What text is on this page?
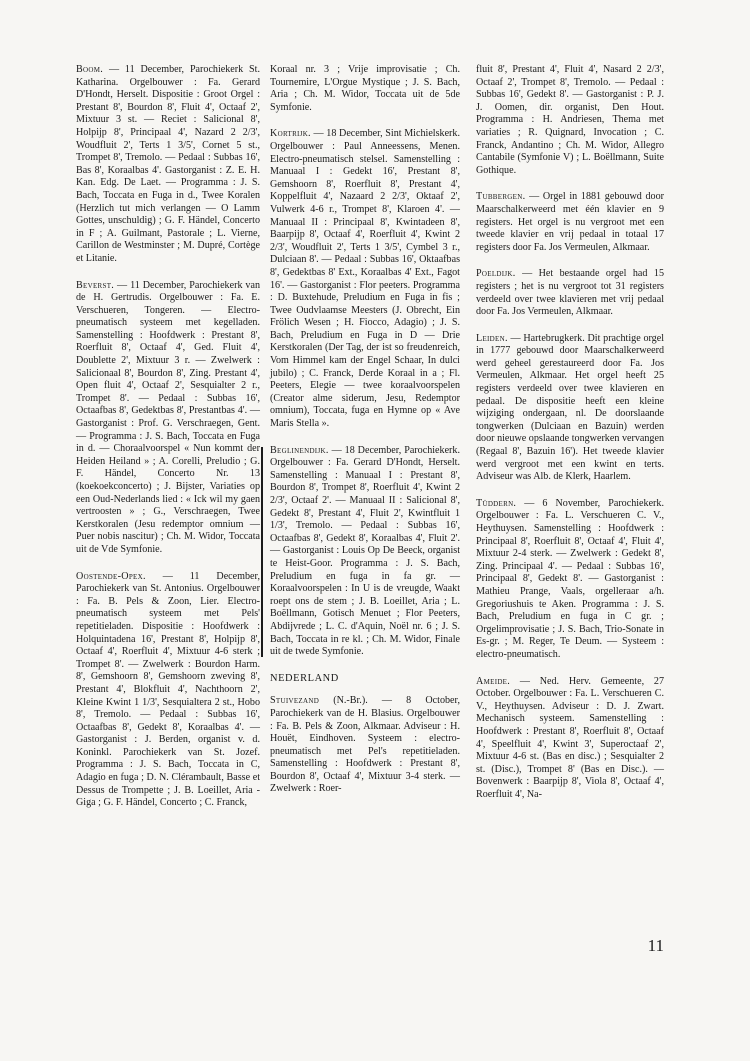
Boom. — 11 December, Parochiekerk St. Katharina. Orgelbouwer : Fa. Gerard D'Hondt, Herselt. Dispositie : Groot Orgel : Prestant 8', Bourdon 8', Fluit 4', Octaaf 2', Mixtuur 3 st. — Reciet : Salicional 8', Holpijp 8', Principaal 4', Nazard 2 2/3', Woudfluit 2', Terts 1 3/5', Cornet 5 st., Trompet 8', Tremolo. — Pedaal : Subbas 16', Bas 8', Koraalbas 4'. Gastorganist : Z. E. H. Kan. Edg. De Laet. — Programma : J. S. Bach, Toccata en Fuga in d., Twee Koralen (Herzlich tut mich verlangen — O Lamm Gottes, unschuldig) ; G. F. Händel, Concerto in F ; A. Guilmant, Pastorale ; L. Vierne, Carillon de Westminster ; M. Dupré, Cortège et Litanie.

Beverst. — 11 December, Parochiekerk van de H. Gertrudis. Orgelbouwer : Fa. E. Verschueren, Tongeren. — Electro-pneumatisch systeem met kegelladen. Samenstelling : Hoofdwerk : Prestant 8', Roerfluit 8', Octaaf 4', Ged. Fluit 4', Doublette 2', Mixtuur 3 r. — Zwelwerk : Salicionaal 8', Bourdon 8', Zing. Prestant 4', Open fluit 4', Octaaf 2', Sesquialter 2 r., Trompet 8'. — Pedaal : Subbas 16', Octaafbas 8', Gedektbas 8', Prestantbas 4'. — Gastorganist : Prof. G. Verschraegen, Gent. — Programma : J. S. Bach, Toccata en Fuga in d. — Choraalvoorspel « Nun kommt der Heiden Heiland » ; A. Corelli, Preludio ; G. F. Händel, Concerto Nr. 13 (koekoekconcerto) ; J. Bijster, Variaties op een Oud-Nederlands lied : « Ick wil my gaen vertroosten » ; G., Verschraegen, Twee Kerstkoralen (Jesu redemptor omnium — Puer nobis nascitur) ; Ch. M. Widor, Toccata uit de Vde Symfonie.

Oostende-Opex. — 11 December, Parochiekerk van St. Antonius. Orgelbouwer : Fa. B. Pels & Zoon, Lier. Electro-pneumatisch systeem met Pels' repetitieladen. Dispositie : Hoofdwerk : Holquintadena 16', Prestant 8', Holpijp 8', Octaaf 4', Roerfluit 4', Mixtuur 4-6 sterk ; Trompet 8'. — Zwelwerk : Bourdon Harm. 8', Gemshoorn 8', Gemshoorn zweving 8', Prestant 4', Blokfluit 4', Nachthoorn 2', Kleine Kwint 1 1/3', Sesquialtera 2 st., Hobo 8', Tremolo. — Pedaal : Subbas 16', Octaafbas 8', Gedekt 8', Koraalbas 4'. — Gastorganist : J. Berden, organist v. d. Koninkl. Parochiekerk van St. Jozef. Programma : J. S. Bach, Toccata in C, Adagio en fuga ; D. N. Clérambault, Basse et Dessus de Trompette ; J. B. Loeillet, Aria - Giga ; G. F. Händel, Concerto ; C. Franck,

Koraal nr. 3 ; Vrije improvisatie ; Ch. Tournemire, L'Orgue Mystique ; J. S. Bach, Aria ; Ch. M. Widor, Toccata uit de 5de Symfonie.

Kortrijk. — 18 December, Sint Michielskerk. Orgelbouwer : Paul Anneessens, Menen. Electro-pneumatisch stelsel. Samenstelling : Manuaal I : Gedekt 16', Prestant 8', Gemshoorn 8', Roerfluit 8', Prestant 4', Koppelfluit 4', Nazaard 2 2/3', Oktaaf 2', Vulwerk 4-6 r., Trompet 8', Klaroen 4'. — Manuaal II : Principaal 8', Kwintadeen 8', Baarpijp 8', Octaaf 4', Roerfluit 4', Kwint 2 2/3', Woudfluit 2', Terts 1 3/5', Cymbel 3 r., Dulciaan 8'. — Pedaal : Subbas 16', Oktaafbas 8', Gedektbas 8' Ext., Koraalbas 4' Ext., Fagot 16'. — Gastorganist : Flor peeters. Programma : D. Buxtehude, Preludium en Fuga in fis ; Twee Oudvlaamse Meesters (J. Obrecht, Ein Frölich Wesen ; H. Fiocco, Adagio) ; J. S. Bach, Preludium en Fuga in D — Drie Kerstkoralen (Der Tag, der ist so freudenreich, Vom Himmel kam der Engel Schaar, In dulci jubilo) ; C. Franck, Derde Koraal in a ; Fl. Peeters, Elegie — twee koraalvoorspelen (Creator alme siderum, Jesu, Redemptor omnium), Toccata, fuga en Hymne op « Ave Maris Stella ».

Beglinendijk. — 18 December, Parochiekerk. Orgelbouwer : Fa. Gerard D'Hondt, Herselt. Samenstelling : Manuaal I : Prestant 8', Bourdon 8', Trompet 8', Roerfluit 4', Kwint 2 2/3', Octaaf 2'. — Manuaal II : Salicional 8', Gedekt 8', Prestant 4', Fluit 2', Kwintfluit 1 1/3', Tremolo. — Pedaal : Subbas 16', Octaafbas 8', Gedekt 8', Koraalbas 4', Fluit 2'. — Gastorganist : Louis Op De Beeck, organist te Heist-Goor. Programma : J. S. Bach, Preludium en fuga in fa gr. — Koraalvoorspelen : In U is de vreugde, Waakt roept ons de stem ; J. B. Loeillet, Aria ; L. Boëllmann, Gotisch Menuet ; Flor Peeters, Abdijvrede ; L. C. d'Aquin, Noël nr. 6 ; J. S. Bach, Toccata in re kl. ; Ch. M. Widor, Finale uit de twede Symfonie.

NEDERLAND

Stuivezand (N.-Br.). — 8 October, Parochiekerk van de H. Blasius. Orgelbouwer : Fa. B. Pels & Zoon, Alkmaar. Adviseur : H. Houët, Eindhoven. Systeem : electro-pneumatisch met Pel's repetitieladen. Samenstelling : Hoofdwerk : Prestant 8', Bourdon 8', Octaaf 4', Mixtuur 3-4 sterk. — Zwelwerk : Roer-

fluit 8', Prestant 4', Fluit 4', Nasard 2 2/3', Octaaf 2', Trompet 8', Tremolo. — Pedaal : Subbas 16', Gedekt 8'. — Gastorganist : P. J. J. Oomen, dir. organist, Den Hout. Programma : H. Andriesen, Thema met variaties ; R. Quignard, Invocation ; C. Franck, Andantino ; Ch. M. Widor, Allegro Cantabile (Symfonie V) ; L. Boëllmann, Suite Gothique.

Tubbergen. — Orgel in 1881 gebouwd door Maarschalkerweerd met één klavier en 9 registers. Het orgel is nu vergroot met een tweede klavier en vrij pedaal in totaal 17 registers door Fa. Jos Vermeulen, Alkmaar.

Poeldijk. — Het bestaande orgel had 15 registers ; het is nu vergroot tot 31 registers verdeeld over twee klavieren met vrij pedaal door Fa. Jos Vermeulen, Alkmaar.

Leiden. — Hartebrugkerk. Dit prachtige orgel in 1777 gebouwd door Maarschalkerweerd werd geheel gerestaureerd door Fa. Jos Vermeulen, Alkmaar. Het orgel heeft 25 registers verdeeld over twee klavieren en pedaal. De dispositie heeft een kleine wijziging ondergaan, nl. De doorslaande tongwerken (Dulciaan en Bazuin) werden door nieuwe opslaande tongwerken vervangen (Regaal 8', Bazuin 16'). Het tweede klavier werd vergroot met een kwint en terts. Adviseur was Alb. de Klerk, Haarlem.

Tüddern. — 6 November, Parochiekerk. Orgelbouwer : Fa. L. Verschueren C. V., Heythuysen. Samenstelling : Hoofdwerk : Principaal 8', Roerfluit 8', Octaaf 4', Fluit 4', Mixtuur 2-4 sterk. — Zwelwerk : Gedekt 8', Zing. Principaal 4'. — Pedaal : Subbas 16', Principaal 8', Gedekt 8'. — Gastorganist : Mathieu Prange, Vaals, orgelleraar a/h. Gregoriushuis te Aken. Programma : J. S. Bach, Preludium en fuga in C gr. ; Orgelimprovisatie ; J. S. Bach, Trio-Sonate in Es-gr. ; M. Reger, Te Deum. — Systeem : electro-pneumatisch.

Ameide. — Ned. Herv. Gemeente, 27 October. Orgelbouwer : Fa. L. Verschueren C. V., Heythuysen. Adviseur : D. J. Zwart. Mechanisch systeem. Samenstelling : Hoofdwerk : Prestant 8', Roerfluit 8', Octaaf 4', Speelfluit 4', Kwint 3', Superoctaaf 2', Mixtuur 4-6 st. (Bas en disc.) ; Sesquialter 2 st. (Disc.), Trompet 8' (Bas en Disc.). — Bovenwerk : Baarpijp 8', Viola 8', Octaaf 4', Roerfluit 4', Na-

11
